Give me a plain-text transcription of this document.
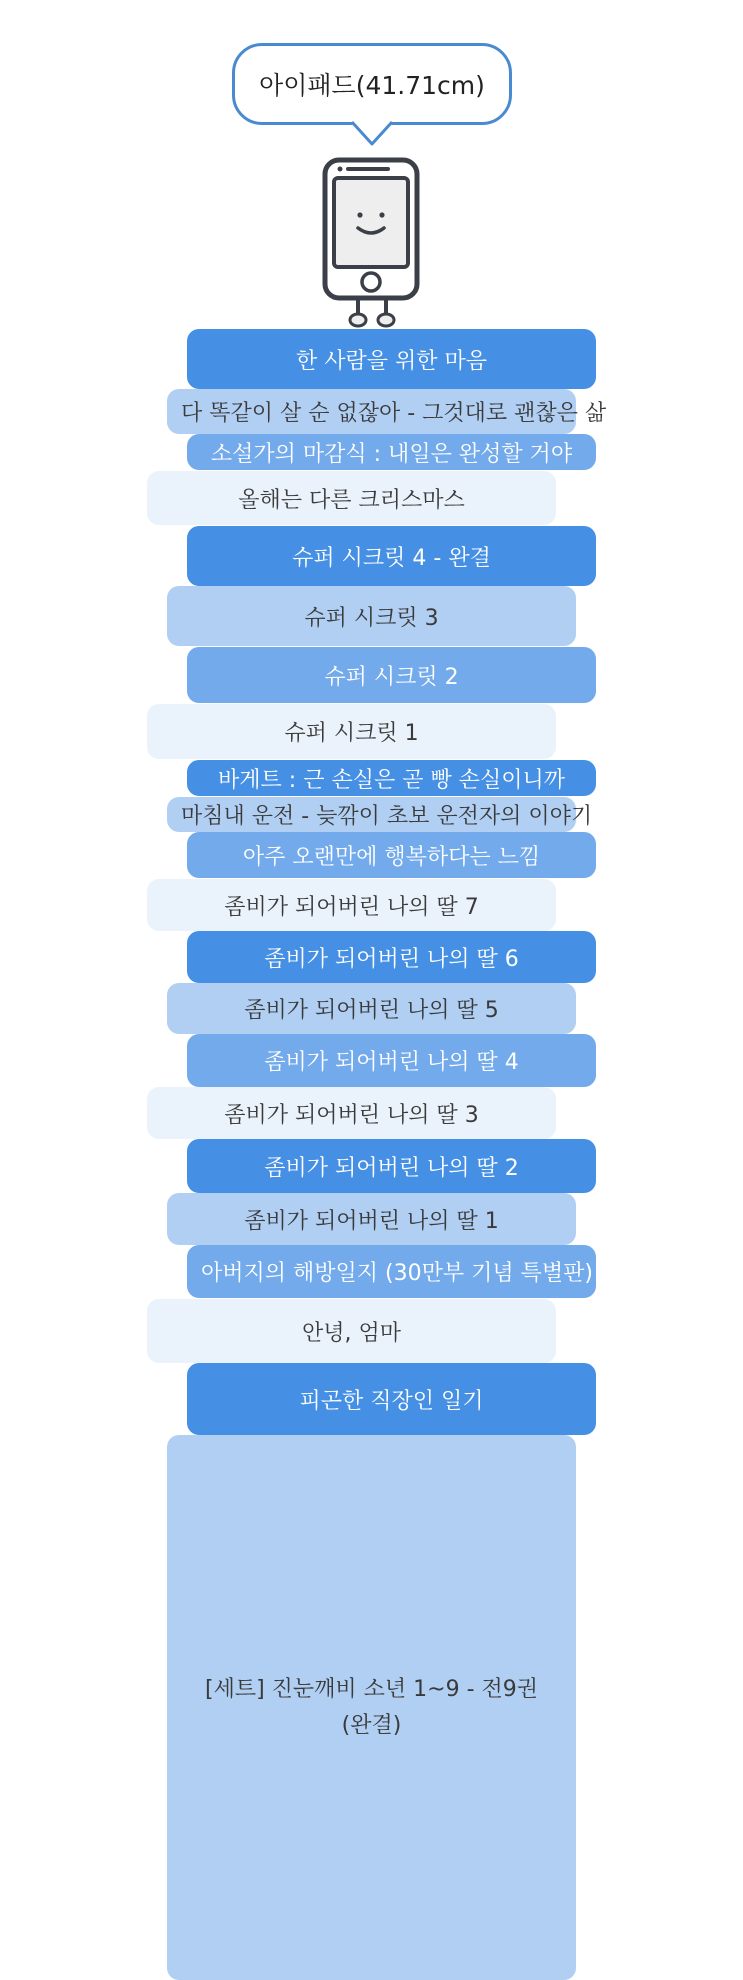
아이패드(41.71cm)
한 사람을 위한 마음
다 똑같이 살 순 없잖아 - 그것대로 괜찮은 삶
소설가의 마감식 : 내일은 완성할 거야
올해는 다른 크리스마스
슈퍼 시크릿 4 - 완결
슈퍼 시크릿 3
슈퍼 시크릿 2
슈퍼 시크릿 1
바게트 : 근 손실은 곧 빵 손실이니까
마침내 운전 - 늦깎이 초보 운전자의 이야기
아주 오랜만에 행복하다는 느낌
좀비가 되어버린 나의 딸 7
좀비가 되어버린 나의 딸 6
좀비가 되어버린 나의 딸 5
좀비가 되어버린 나의 딸 4
좀비가 되어버린 나의 딸 3
좀비가 되어버린 나의 딸 2
좀비가 되어버린 나의 딸 1
아버지의 해방일지 (30만부 기념 특별판)
안녕, 엄마
피곤한 직장인 일기
[세트] 진눈깨비 소년 1~9 - 전9권 (완결)
